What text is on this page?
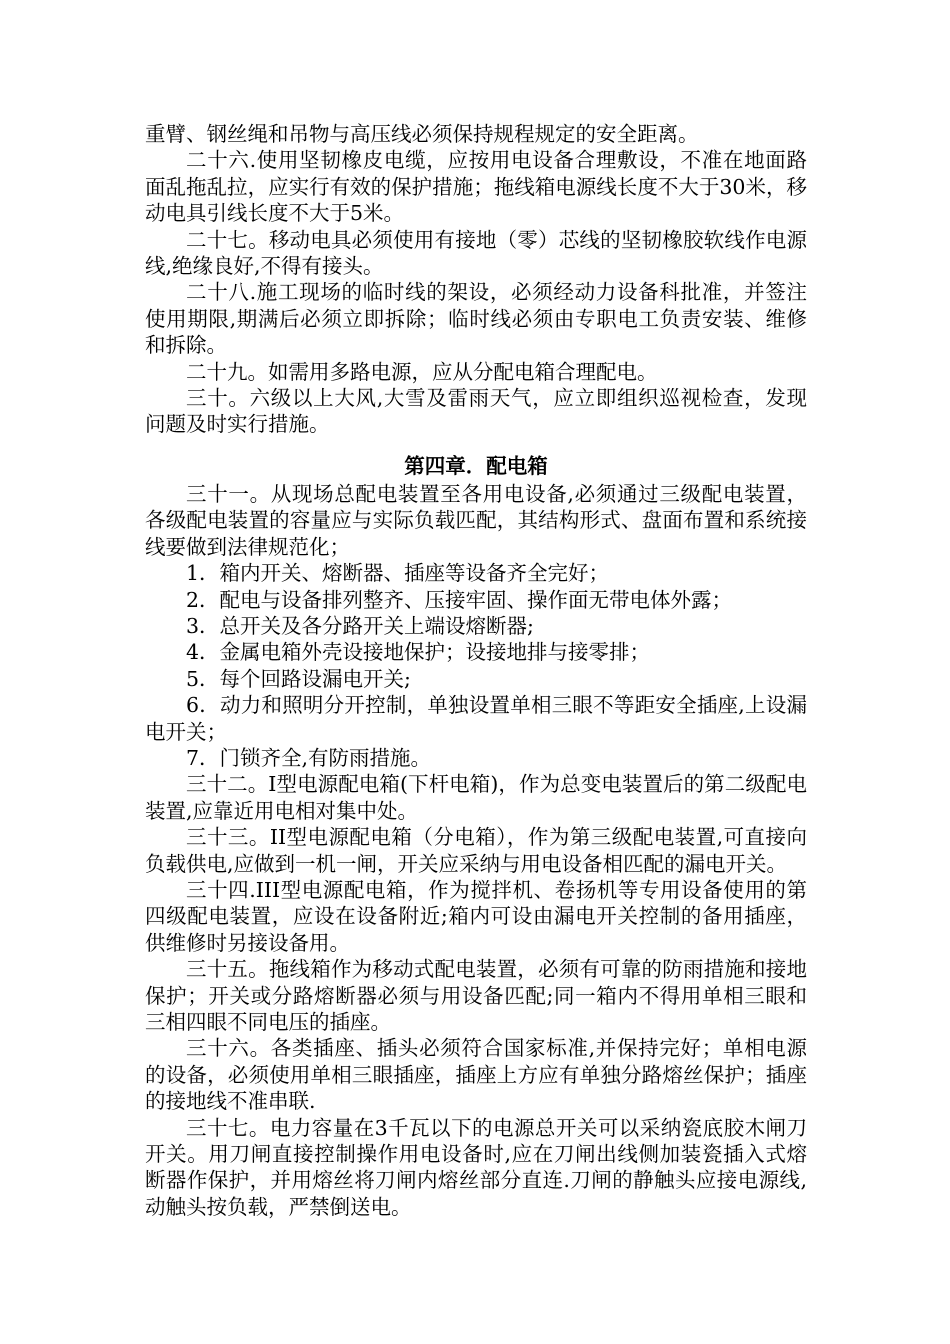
重臂、钢丝绳和吊物与高压线必须保持规程规定的安全距离。

二十六.使用坚韧橡皮电缆，应按用电设备合理敷设，不准在地面路面乱拖乱拉，应实行有效的保护措施；拖线箱电源线长度不大于30米，移动电具引线长度不大于5米。

二十七。移动电具必须使用有接地（零）芯线的坚韧橡胶软线作电源线,绝缘良好,不得有接头。

二十八.施工现场的临时线的架设，必须经动力设备科批准，并签注使用期限,期满后必须立即拆除；临时线必须由专职电工负责安装、维修和拆除。

二十九。如需用多路电源，应从分配电箱合理配电。

三十。六级以上大风,大雪及雷雨天气，应立即组织巡视检查，发现问题及时实行措施。

第四章．配电箱

三十一。从现场总配电装置至各用电设备,必须通过三级配电装置，各级配电装置的容量应与实际负载匹配，其结构形式、盘面布置和系统接线要做到法律规范化；

1．箱内开关、熔断器、插座等设备齐全完好；

2．配电与设备排列整齐、压接牢固、操作面无带电体外露；

3．总开关及各分路开关上端设熔断器;

4．金属电箱外壳设接地保护；设接地排与接零排；

5．每个回路设漏电开关;

6．动力和照明分开控制，单独设置单相三眼不等距安全插座,上设漏电开关；

7．门锁齐全,有防雨措施。

三十二。I型电源配电箱(下杆电箱)，作为总变电装置后的第二级配电装置,应靠近用电相对集中处。

三十三。II型电源配电箱（分电箱），作为第三级配电装置,可直接向负载供电,应做到一机一闸，开关应采纳与用电设备相匹配的漏电开关。

三十四.III型电源配电箱，作为搅拌机、卷扬机等专用设备使用的第四级配电装置，应设在设备附近;箱内可设由漏电开关控制的备用插座，供维修时另接设备用。

三十五。拖线箱作为移动式配电装置，必须有可靠的防雨措施和接地保护；开关或分路熔断器必须与用设备匹配;同一箱内不得用单相三眼和三相四眼不同电压的插座。

三十六。各类插座、插头必须符合国家标准,并保持完好；单相电源的设备，必须使用单相三眼插座，插座上方应有单独分路熔丝保护；插座的接地线不准串联.

三十七。电力容量在3千瓦以下的电源总开关可以采纳瓷底胶木闸刀开关。用刀闸直接控制操作用电设备时,应在刀闸出线侧加装瓷插入式熔断器作保护，并用熔丝将刀闸内熔丝部分直连.刀闸的静触头应接电源线,动触头按负载，严禁倒送电。
